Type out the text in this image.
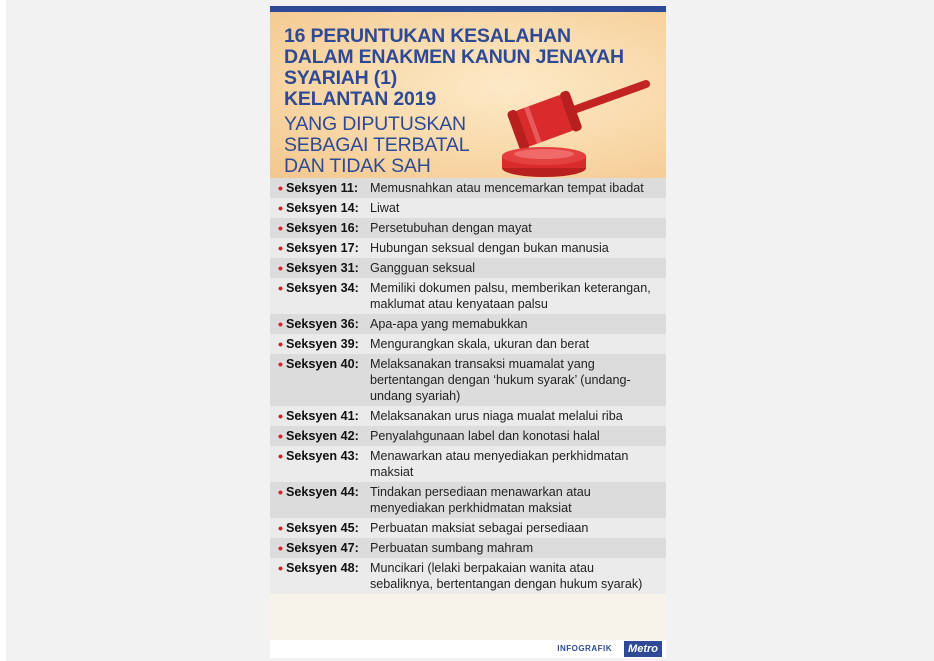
16 PERUNTUKAN KESALAHAN
DALAM ENAKMEN KANUN JENAYAH
SYARIAH (1)
KELANTAN 2019
YANG DIPUTUSKAN
SEBAGAI TERBATAL
DAN TIDAK SAH
• Seksyen 11: Memusnahkan atau mencemarkan tempat ibadat
• Seksyen 14: Liwat
• Seksyen 16: Persetubuhan dengan mayat
• Seksyen 17: Hubungan seksual dengan bukan manusia
• Seksyen 31: Gangguan seksual
• Seksyen 34: Memiliki dokumen palsu, memberikan keterangan, maklumat atau kenyataan palsu
• Seksyen 36: Apa-apa yang memabukkan
• Seksyen 39: Mengurangkan skala, ukuran dan berat
• Seksyen 40: Melaksanakan transaksi muamalat yang bertentangan dengan ‘hukum syarak’ (undang-undang syariah)
• Seksyen 41: Melaksanakan urus niaga mualat melalui riba
• Seksyen 42: Penyalahgunaan label dan konotasi halal
• Seksyen 43: Menawarkan atau menyediakan perkhidmatan maksiat
• Seksyen 44: Tindakan persediaan menawarkan atau menyediakan perkhidmatan maksiat
• Seksyen 45: Perbuatan maksiat sebagai persediaan
• Seksyen 47: Perbuatan sumbang mahram
• Seksyen 48: Muncikari (lelaki berpakaian wanita atau sebaliknya, bertentangan dengan hukum syarak)
INFOGRAFIK	Metro
